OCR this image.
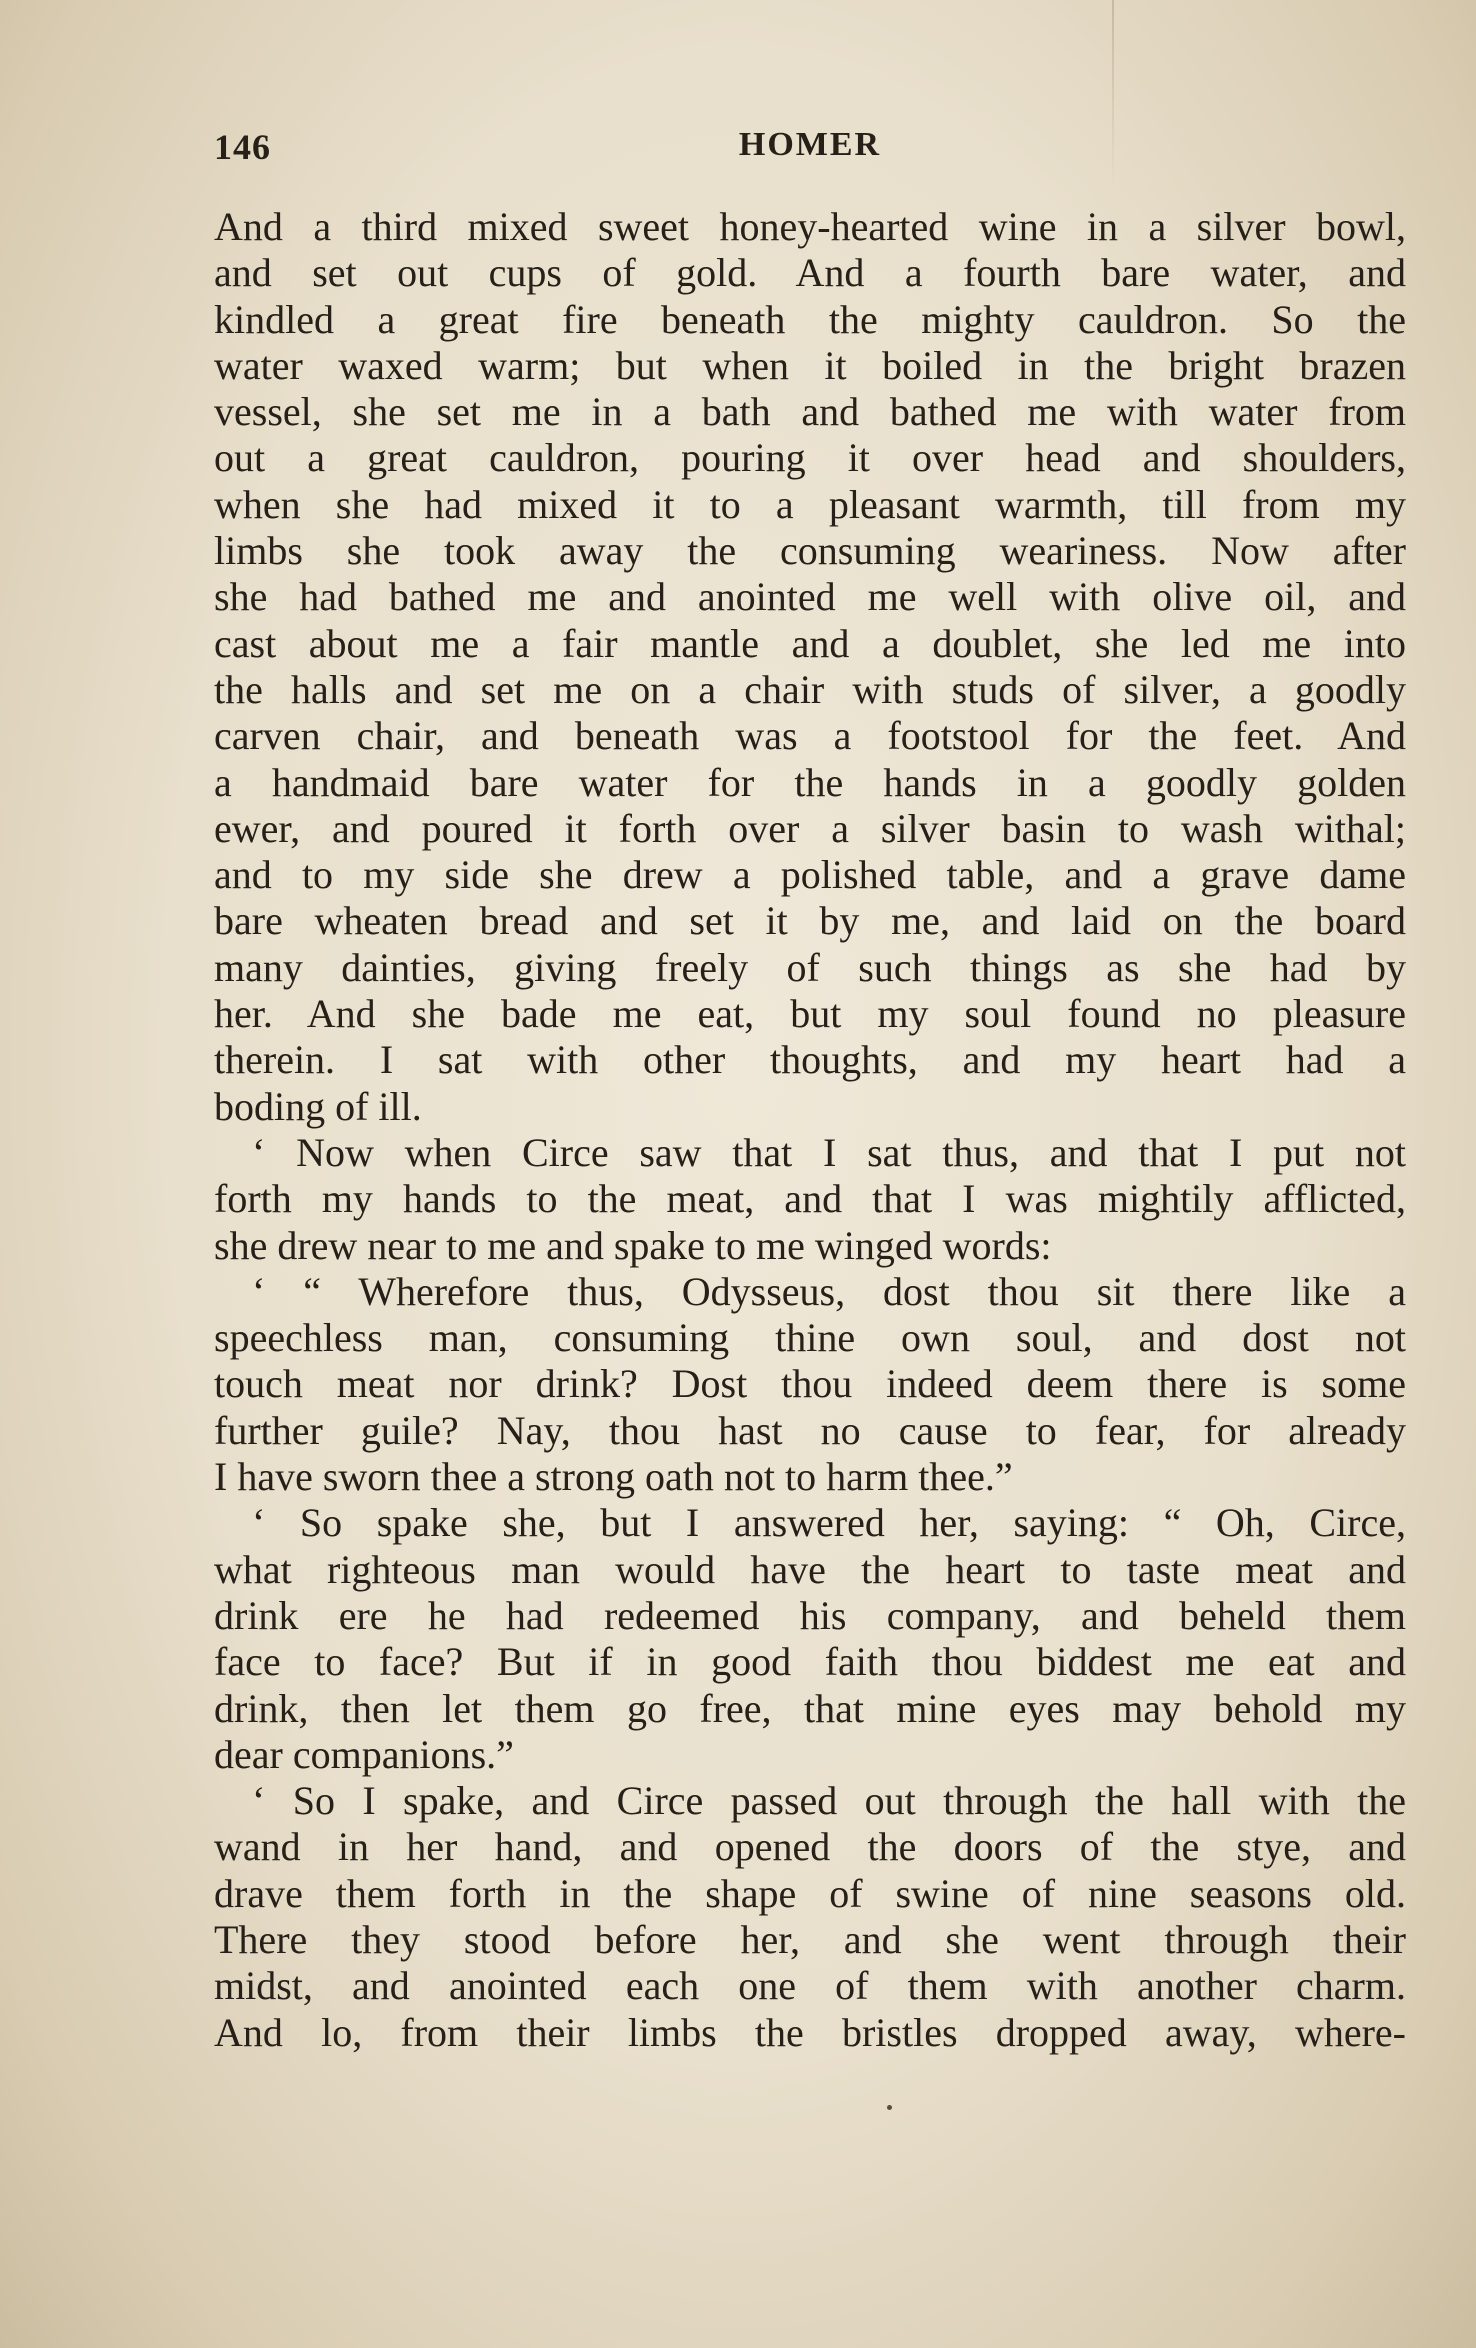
146	HOMER
And a third mixed sweet honey-hearted wine in a silver bowl,
and set out cups of gold. And a fourth bare water, and
kindled a great fire beneath the mighty cauldron. So the
water waxed warm; but when it boiled in the bright brazen
vessel, she set me in a bath and bathed me with water from
out a great cauldron, pouring it over head and shoulders,
when she had mixed it to a pleasant warmth, till from my
limbs she took away the consuming weariness. Now after
she had bathed me and anointed me well with olive oil, and
cast about me a fair mantle and a doublet, she led me into
the halls and set me on a chair with studs of silver, a goodly
carven chair, and beneath was a footstool for the feet. And
a handmaid bare water for the hands in a goodly golden
ewer, and poured it forth over a silver basin to wash withal;
and to my side she drew a polished table, and a grave dame
bare wheaten bread and set it by me, and laid on the board
many dainties, giving freely of such things as she had by
her. And she bade me eat, but my soul found no pleasure
therein. I sat with other thoughts, and my heart had a
boding of ill.
‘ Now when Circe saw that I sat thus, and that I put not
forth my hands to the meat, and that I was mightily afflicted,
she drew near to me and spake to me winged words:
‘ “ Wherefore thus, Odysseus, dost thou sit there like a
speechless man, consuming thine own soul, and dost not
touch meat nor drink? Dost thou indeed deem there is some
further guile? Nay, thou hast no cause to fear, for already
I have sworn thee a strong oath not to harm thee.”
‘ So spake she, but I answered her, saying: “ Oh, Circe,
what righteous man would have the heart to taste meat and
drink ere he had redeemed his company, and beheld them
face to face? But if in good faith thou biddest me eat and
drink, then let them go free, that mine eyes may behold my
dear companions.”
‘ So I spake, and Circe passed out through the hall with the
wand in her hand, and opened the doors of the stye, and
drave them forth in the shape of swine of nine seasons old.
There they stood before her, and she went through their
midst, and anointed each one of them with another charm.
And lo, from their limbs the bristles dropped away, where-
